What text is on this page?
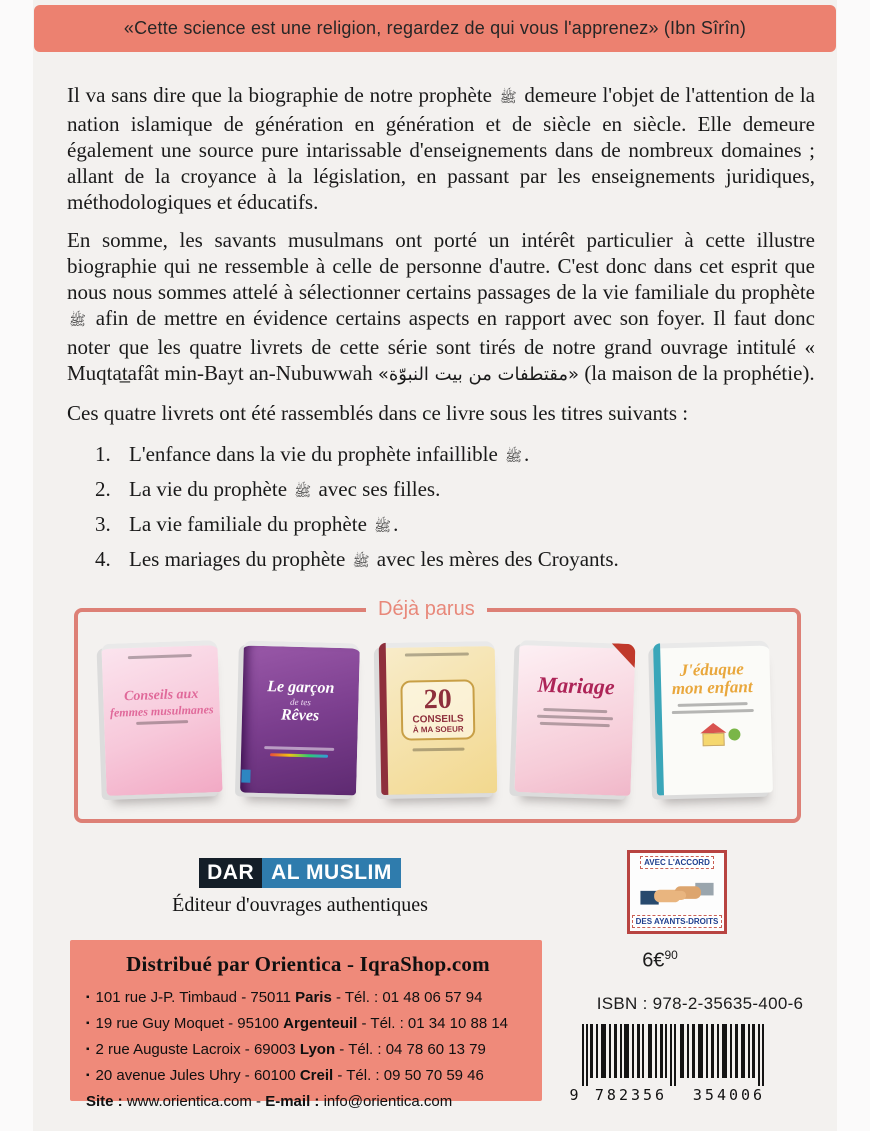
«Cette science est une religion, regardez de qui vous l'apprenez» (Ibn Sîrîn)

Il va sans dire que la biographie de notre prophète ﷺ demeure l'objet de l'attention de la nation islamique de génération en génération et de siècle en siècle. Elle demeure également une source pure intarissable d'enseignements dans de nombreux domaines ; allant de la croyance à la législation, en passant par les enseignements juridiques, méthodologiques et éducatifs.

En somme, les savants musulmans ont porté un intérêt particulier à cette illustre biographie qui ne ressemble à celle de personne d'autre. C'est donc dans cet esprit que nous nous sommes attelé à sélectionner certains passages de la vie familiale du prophète ﷺ afin de mettre en évidence certains aspects en rapport avec son foyer. Il faut donc noter que les quatre livrets de cette série sont tirés de notre grand ouvrage intitulé « Muqtat̲afât min-Bayt an-Nubuwwah «مقتطفات من بيت النبوّة» (la maison de la prophétie).

Ces quatre livrets ont été rassemblés dans ce livre sous les titres suivants :

1. L'enfance dans la vie du prophète infaillible ﷺ.
2. La vie du prophète ﷺ avec ses filles.
3. La vie familiale du prophète ﷺ.
4. Les mariages du prophète ﷺ avec les mères des Croyants.
Déjà parus
Conseils aux
femmes musulmanes
Le garçon
de tes
Rêves
20
CONSEILS
À MA SOEUR
Mariage
J'éduque
mon enfant
DAR AL MUSLIM
Éditeur d'ouvrages authentiques
AVEC L'ACCORD
DES AYANTS-DROITS
Distribué par Orientica - IqraShop.com
▪ 101 rue J-P. Timbaud - 75011 Paris - Tél. : 01 48 06 57 94
▪ 19 rue Guy Moquet - 95100 Argenteuil - Tél. : 01 34 10 88 14
▪ 2 rue Auguste Lacroix - 69003 Lyon - Tél. : 04 78 60 13 79
▪ 20 avenue Jules Uhry - 60100 Creil - Tél. : 09 50 70 59 46
Site : www.orientica.com - E-mail : info@orientica.com
6€$^{90}$
ISBN : 978-2-35635-400-6
9	782356	354006
